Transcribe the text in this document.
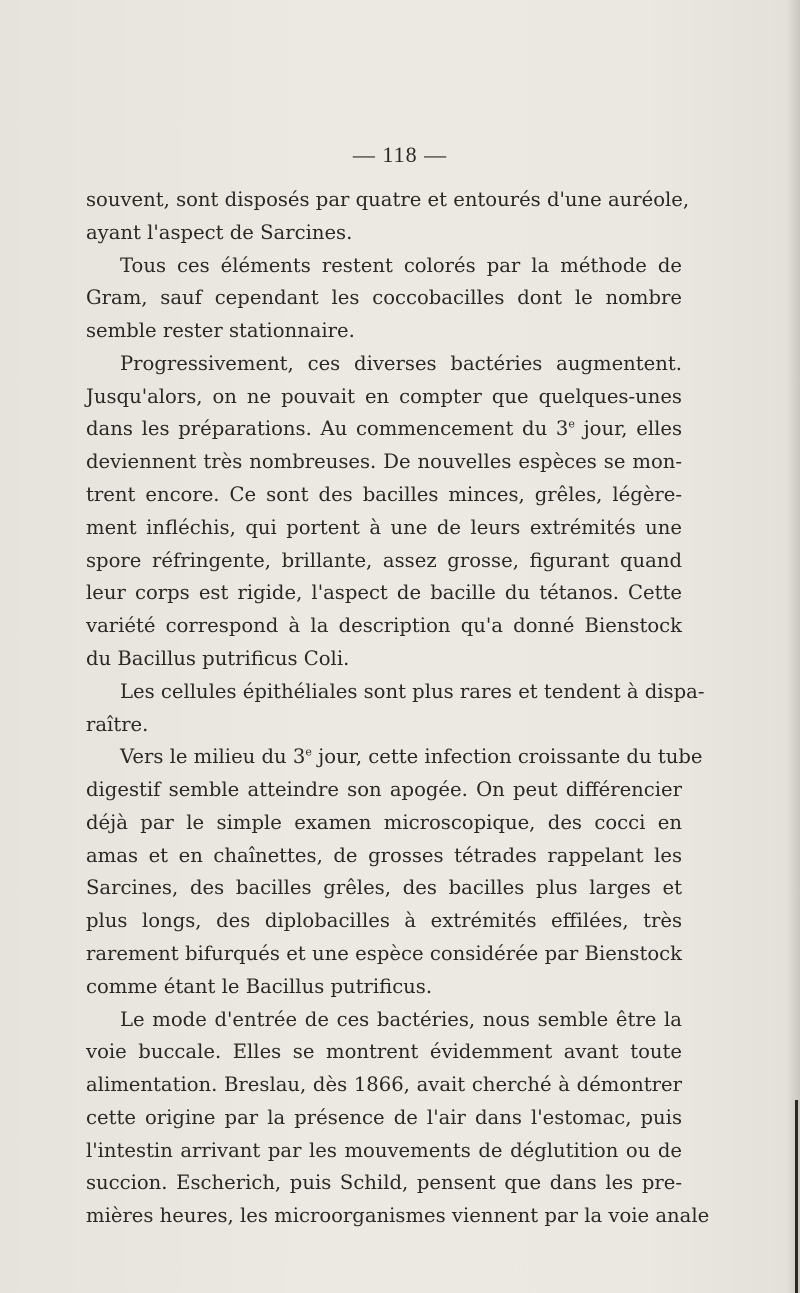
— 118 —

souvent, sont disposés par quatre et entourés d'une auréole,
ayant l'aspect de Sarcines.

Tous ces éléments restent colorés par la méthode de
Gram, sauf cependant les coccobacilles dont le nombre
semble rester stationnaire.

Progressivement, ces diverses bactéries augmentent.
Jusqu'alors, on ne pouvait en compter que quelques-unes
dans les préparations. Au commencement du 3e jour, elles
deviennent très nombreuses. De nouvelles espèces se mon-
trent encore. Ce sont des bacilles minces, grêles, légère-
ment infléchis, qui portent à une de leurs extrémités une
spore réfringente, brillante, assez grosse, figurant quand
leur corps est rigide, l'aspect de bacille du tétanos. Cette
variété correspond à la description qu'a donné Bienstock
du Bacillus putrificus Coli.

Les cellules épithéliales sont plus rares et tendent à dispa-
raître.

Vers le milieu du 3e jour, cette infection croissante du tube
digestif semble atteindre son apogée. On peut différencier
déjà par le simple examen microscopique, des cocci en
amas et en chaînettes, de grosses tétrades rappelant les
Sarcines, des bacilles grêles, des bacilles plus larges et
plus longs, des diplobacilles à extrémités effilées, très
rarement bifurqués et une espèce considérée par Bienstock
comme étant le Bacillus putrificus.

Le mode d'entrée de ces bactéries, nous semble être la
voie buccale. Elles se montrent évidemment avant toute
alimentation. Breslau, dès 1866, avait cherché à démontrer
cette origine par la présence de l'air dans l'estomac, puis
l'intestin arrivant par les mouvements de déglutition ou de
succion. Escherich, puis Schild, pensent que dans les pre-
mières heures, les microorganismes viennent par la voie anale
